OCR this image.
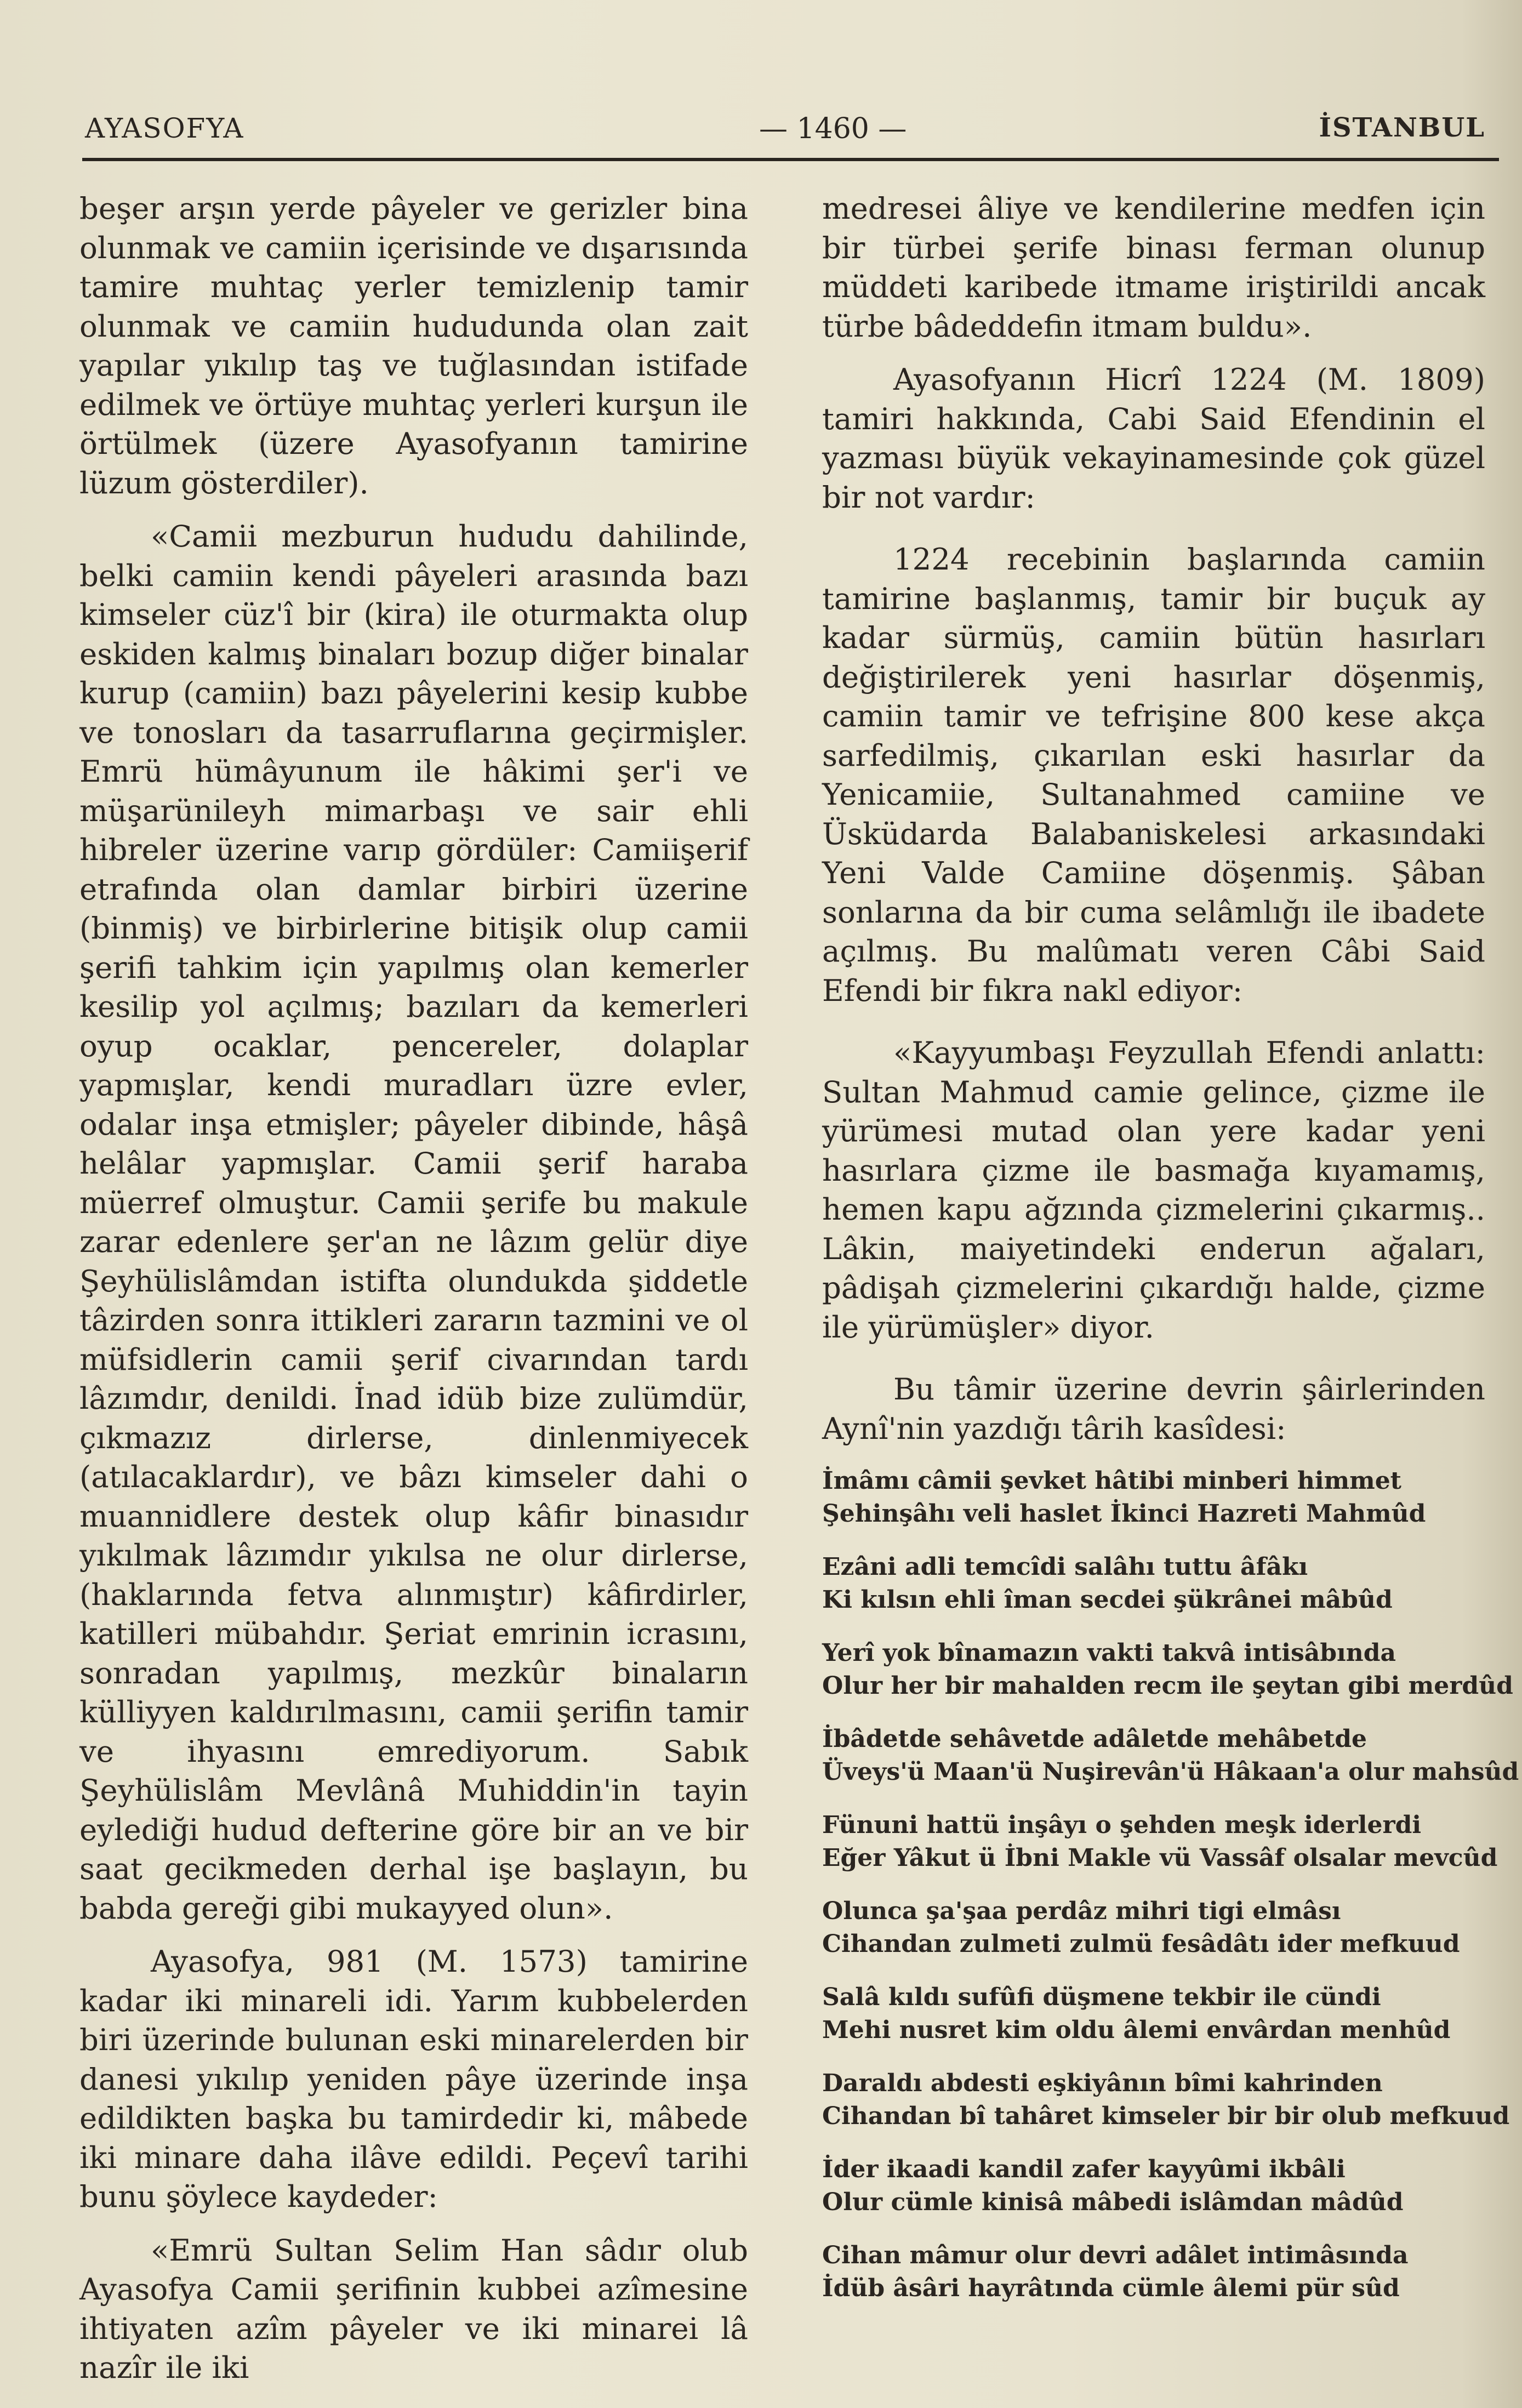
AYASOFYA	— 1460 —	İSTANBUL

beşer arşın yerde pâyeler ve gerizler bina olunmak ve camiin içerisinde ve dışarısında tamire muhtaç yerler temizlenip tamir olunmak ve camiin hududunda olan zait yapılar yıkılıp taş ve tuğlasından istifade edilmek ve örtüye muhtaç yerleri kurşun ile örtülmek (üzere Ayasofyanın tamirine lüzum gösterdiler).

«Camii mezburun hududu dahilinde, belki camiin kendi pâyeleri arasında bazı kimseler cüz'î bir (kira) ile oturmakta olup eskiden kalmış binaları bozup diğer binalar kurup (camiin) bazı pâyelerini kesip kubbe ve tonosları da tasarruflarına geçirmişler. Emrü hümâyunum ile hâkimi şer'i ve müşarünileyh mimarbaşı ve sair ehli hibreler üzerine varıp gördüler: Camiişerif etrafında olan damlar birbiri üzerine (binmiş) ve birbirlerine bitişik olup camii şerifi tahkim için yapılmış olan kemerler kesilip yol açılmış; bazıları da kemerleri oyup ocaklar, pencereler, dolaplar yapmışlar, kendi muradları üzre evler, odalar inşa etmişler; pâyeler dibinde, hâşâ helâlar yapmışlar. Camii şerif haraba müerref olmuştur. Camii şerife bu makule zarar edenlere şer'an ne lâzım gelür diye Şeyhülislâmdan istifta olundukda şiddetle tâzirden sonra ittikleri zararın tazmini ve ol müfsidlerin camii şerif civarından tardı lâzımdır, denildi. İnad idüb bize zulümdür, çıkmazız dirlerse, dinlenmiyecek (atılacaklardır), ve bâzı kimseler dahi o muannidlere destek olup kâfir binasıdır yıkılmak lâzımdır yıkılsa ne olur dirlerse, (haklarında fetva alınmıştır) kâfirdirler, katilleri mübahdır. Şeriat emrinin icrasını, sonradan yapılmış, mezkûr binaların külliyyen kaldırılmasını, camii şerifin tamir ve ihyasını emrediyorum. Sabık Şeyhülislâm Mevlânâ Muhiddin'in tayin eylediği hudud defterine göre bir an ve bir saat gecikmeden derhal işe başlayın, bu babda gereği gibi mukayyed olun».

Ayasofya, 981 (M. 1573) tamirine kadar iki minareli idi. Yarım kubbelerden biri üzerinde bulunan eski minarelerden bir danesi yıkılıp yeniden pâye üzerinde inşa edildikten başka bu tamirdedir ki, mâbede iki minare daha ilâve edildi. Peçevî tarihi bunu şöylece kaydeder:

«Emrü Sultan Selim Han sâdır olub Ayasofya Camii şerifinin kubbei azîmesine ihtiyaten azîm pâyeler ve iki minarei lâ nazîr ile iki

medresei âliye ve kendilerine medfen için bir türbei şerife binası ferman olunup müddeti karibede itmame iriştirildi ancak türbe bâdeddefin itmam buldu».

Ayasofyanın Hicrî 1224 (M. 1809) tamiri hakkında, Cabi Said Efendinin el yazması büyük vekayinamesinde çok güzel bir not vardır:

1224 recebinin başlarında camiin tamirine başlanmış, tamir bir buçuk ay kadar sürmüş, camiin bütün hasırları değiştirilerek yeni hasırlar döşenmiş, camiin tamir ve tefrişine 800 kese akça sarfedilmiş, çıkarılan eski hasırlar da Yenicamiie, Sultanahmed camiine ve Üsküdarda Balabaniskelesi arkasındaki Yeni Valde Camiine döşenmiş. Şâban sonlarına da bir cuma selâmlığı ile ibadete açılmış. Bu malûmatı veren Câbi Said Efendi bir fıkra nakl ediyor:

«Kayyumbaşı Feyzullah Efendi anlattı: Sultan Mahmud camie gelince, çizme ile yürümesi mutad olan yere kadar yeni hasırlara çizme ile basmağa kıyamamış, hemen kapu ağzında çizmelerini çıkarmış.. Lâkin, maiyetindeki enderun ağaları, pâdişah çizmelerini çıkardığı halde, çizme ile yürümüşler» diyor.

Bu tâmir üzerine devrin şâirlerinden Aynî'nin yazdığı târih kasîdesi:

İmâmı câmii şevket hâtibi minberi himmet
Şehinşâhı veli haslet İkinci Hazreti Mahmûd
Ezâni adli temcîdi salâhı tuttu âfâkı
Ki kılsın ehli îman secdei şükrânei mâbûd
Yerî yok bînamazın vakti takvâ intisâbında
Olur her bir mahalden recm ile şeytan gibi merdûd
İbâdetde sehâvetde adâletde mehâbetde
Üveys'ü Maan'ü Nuşirevân'ü Hâkaan'a olur mahsûd
Fünuni hattü inşâyı o şehden meşk iderlerdi
Eğer Yâkut ü İbni Makle vü Vassâf olsalar mevcûd
Olunca şa'şaa perdâz mihri tigi elmâsı
Cihandan zulmeti zulmü fesâdâtı ider mefkuud
Salâ kıldı sufûfi düşmene tekbir ile cündi
Mehi nusret kim oldu âlemi envârdan menhûd
Daraldı abdesti eşkiyânın bîmi kahrinden
Cihandan bî tahâret kimseler bir bir olub mefkuud
İder ikaadi kandil zafer kayyûmi ikbâli
Olur cümle kinisâ mâbedi islâmdan mâdûd
Cihan mâmur olur devri adâlet intimâsında
İdüb âsâri hayrâtında cümle âlemi pür sûd
